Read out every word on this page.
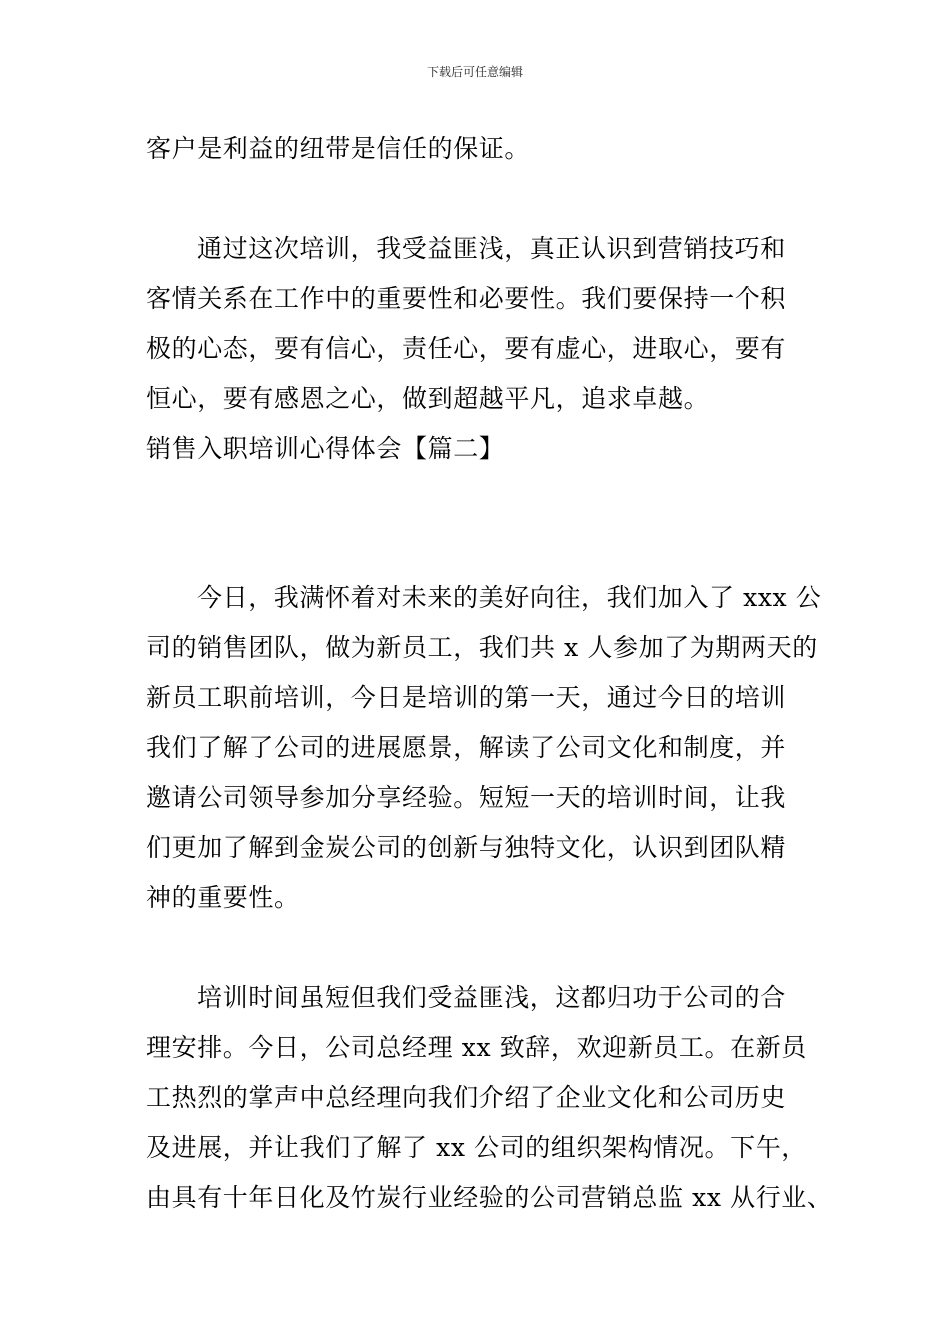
下载后可任意编辑
客户是利益的纽带是信任的保证。
通过这次培训，我受益匪浅，真正认识到营销技巧和
客情关系在工作中的重要性和必要性。我们要保持一个积
极的心态，要有信心，责任心，要有虚心，进取心，要有
恒心，要有感恩之心，做到超越平凡，追求卓越。
销售入职培训心得体会【篇二】
今日，我满怀着对未来的美好向往，我们加入了 xxx 公
司的销售团队，做为新员工，我们共 x 人参加了为期两天的
新员工职前培训，今日是培训的第一天，通过今日的培训
我们了解了公司的进展愿景，解读了公司文化和制度，并
邀请公司领导参加分享经验。短短一天的培训时间，让我
们更加了解到金炭公司的创新与独特文化，认识到团队精
神的重要性。
培训时间虽短但我们受益匪浅，这都归功于公司的合
理安排。今日，公司总经理 xx 致辞，欢迎新员工。在新员
工热烈的掌声中总经理向我们介绍了企业文化和公司历史
及进展，并让我们了解了 xx 公司的组织架构情况。下午，
由具有十年日化及竹炭行业经验的公司营销总监 xx 从行业、
